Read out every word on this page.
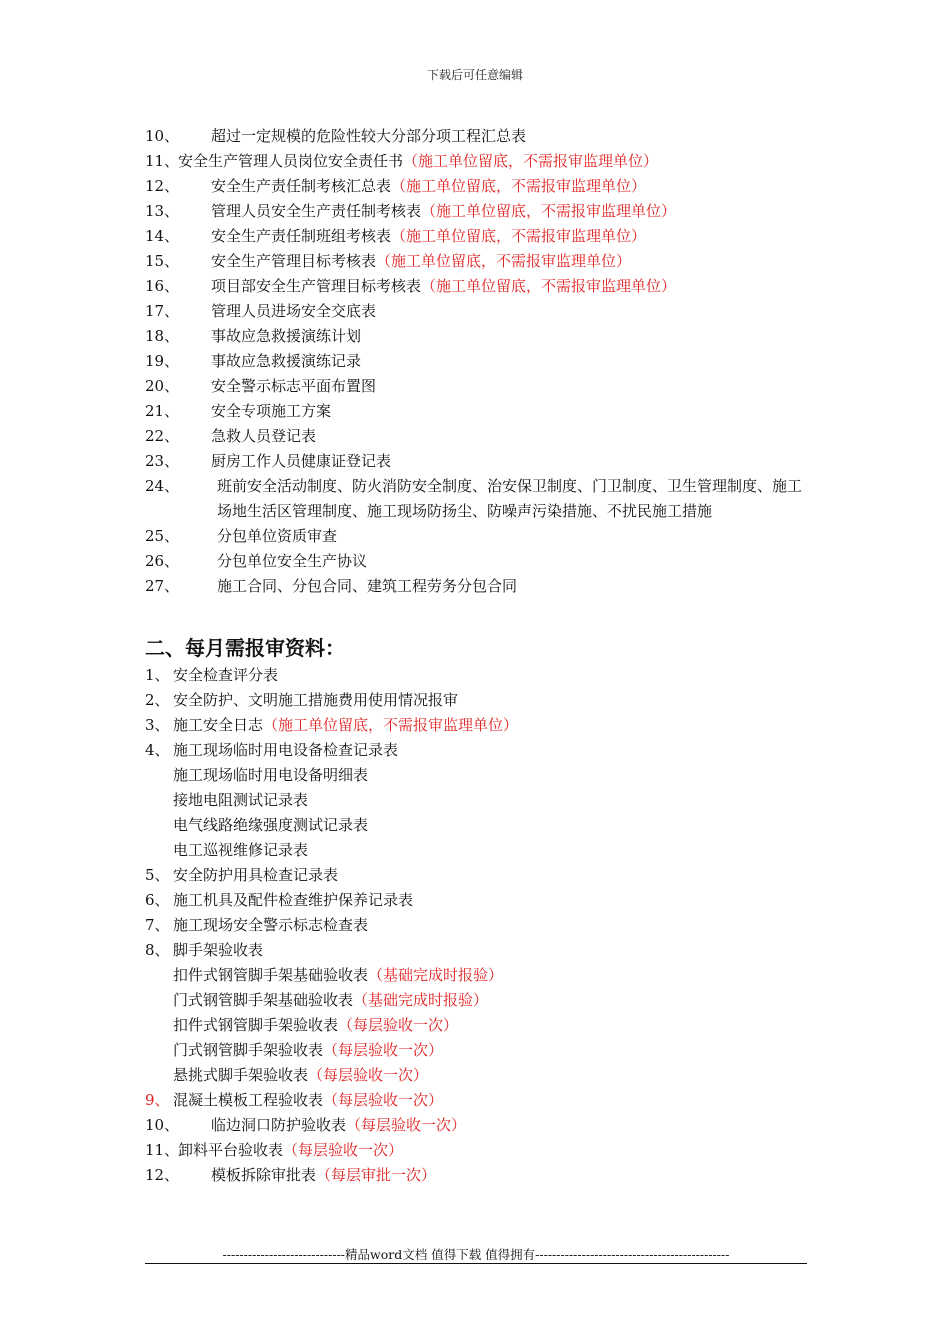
下载后可任意编辑
10、 超过一定规模的危险性较大分部分项工程汇总表
11、安全生产管理人员岗位安全责任书（施工单位留底，不需报审监理单位）
12、 安全生产责任制考核汇总表（施工单位留底，不需报审监理单位）
13、 管理人员安全生产责任制考核表（施工单位留底，不需报审监理单位）
14、 安全生产责任制班组考核表（施工单位留底，不需报审监理单位）
15、 安全生产管理目标考核表（施工单位留底，不需报审监理单位）
16、 项目部安全生产管理目标考核表（施工单位留底，不需报审监理单位）
17、 管理人员进场安全交底表
18、 事故应急救援演练计划
19、 事故应急救援演练记录
20、 安全警示标志平面布置图
21、 安全专项施工方案
22、 急救人员登记表
23、 厨房工作人员健康证登记表
24、	班前安全活动制度、防火消防安全制度、治安保卫制度、门卫制度、卫生管理制度、施工场地生活区管理制度、施工现场防扬尘、防噪声污染措施、不扰民施工措施
25、	分包单位资质审查
26、	分包单位安全生产协议
27、	施工合同、分包合同、建筑工程劳务分包合同
二、每月需报审资料：
1、 安全检查评分表
2、 安全防护、文明施工措施费用使用情况报审
3、 施工安全日志（施工单位留底，不需报审监理单位）
4、 施工现场临时用电设备检查记录表
施工现场临时用电设备明细表
接地电阻测试记录表
电气线路绝缘强度测试记录表
电工巡视维修记录表
5、 安全防护用具检查记录表
6、 施工机具及配件检查维护保养记录表
7、 施工现场安全警示标志检查表
8、 脚手架验收表
扣件式钢管脚手架基础验收表（基础完成时报验）
门式钢管脚手架基础验收表（基础完成时报验）
扣件式钢管脚手架验收表（每层验收一次）
门式钢管脚手架验收表（每层验收一次）
悬挑式脚手架验收表（每层验收一次）
9、 混凝土模板工程验收表（每层验收一次）
10、 临边洞口防护验收表（每层验收一次）
11、卸料平台验收表（每层验收一次）
12、 模板拆除审批表（每层审批一次）
-----------------------------精品word文档 值得下载 值得拥有----------------------------------------------
